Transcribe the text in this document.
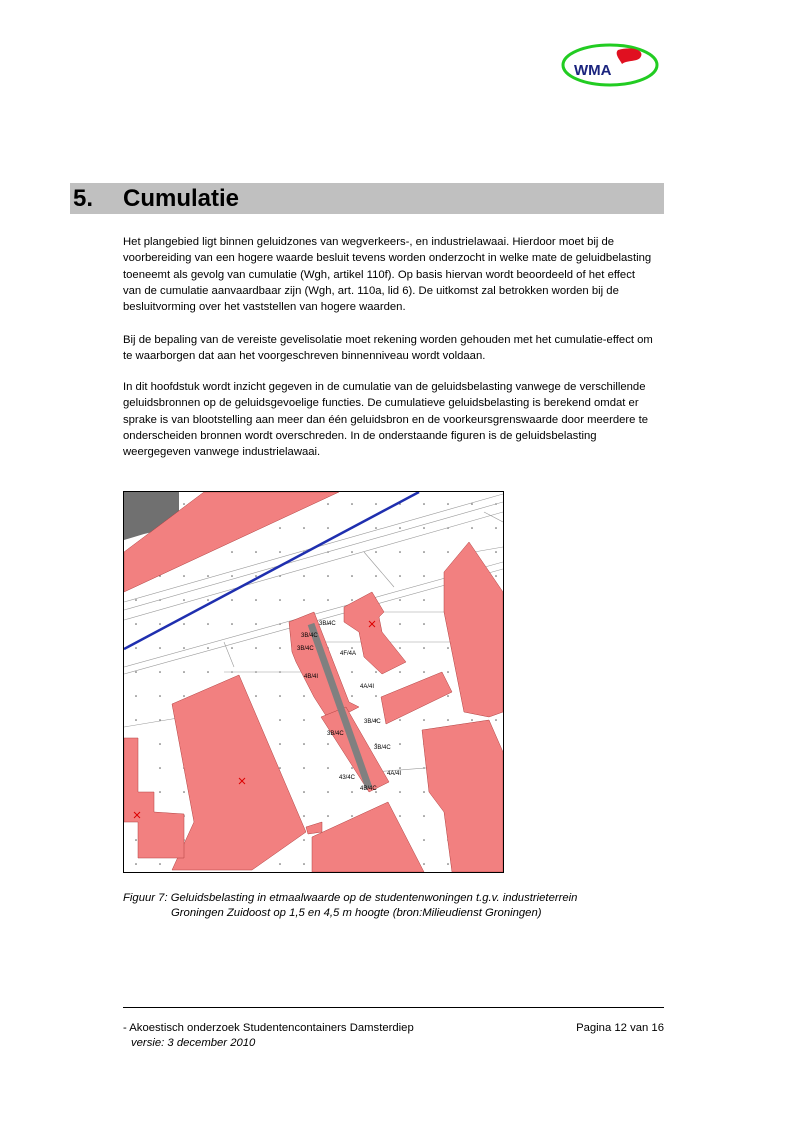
WMA
5. Cumulatie

Het plangebied ligt binnen geluidzones van wegverkeers-, en industrielawaai. Hierdoor moet bij de voorbereiding van een hogere waarde besluit tevens worden onderzocht in welke mate de geluidbelasting toeneemt als gevolg van cumulatie (Wgh, artikel 110f). Op basis hiervan wordt beoordeeld of het effect van de cumulatie aanvaardbaar zijn (Wgh, art. 110a, lid 6). De uitkomst zal betrokken worden bij de besluitvorming over het vaststellen van hogere waarden.

Bij de bepaling van de vereiste gevelisolatie moet rekening worden gehouden met het cumulatie-effect om te waarborgen dat aan het voorgeschreven binnenniveau wordt voldaan.

In dit hoofdstuk wordt inzicht gegeven in de cumulatie van de geluidsbelasting vanwege de verschillende geluidsbronnen op de geluidsgevoelige functies. De cumulatieve geluidsbelasting is berekend omdat er sprake is van blootstelling aan meer dan één geluidsbron en de voorkeursgrenswaarde door meerdere te onderscheiden bronnen wordt overschreden. In de onderstaande figuren is de geluidsbelasting weergegeven vanwege industrielawaai.

3B/4C
3B/4C
3B/4C
4F/4A
4B/4I
4A/4I
3B/4C
3B/4C
3B/4C
43/4C
4A/4I
4B/4C
Figuur 7: Geluidsbelasting in etmaalwaarde op de studentenwoningen t.g.v. industrieterrein
Groningen Zuidoost op 1,5 en 4,5 m hoogte (bron:Milieudienst Groningen)
- Akoestisch onderzoek Studentencontainers Damsterdiep
versie: 3 december 2010
Pagina 12 van 16
